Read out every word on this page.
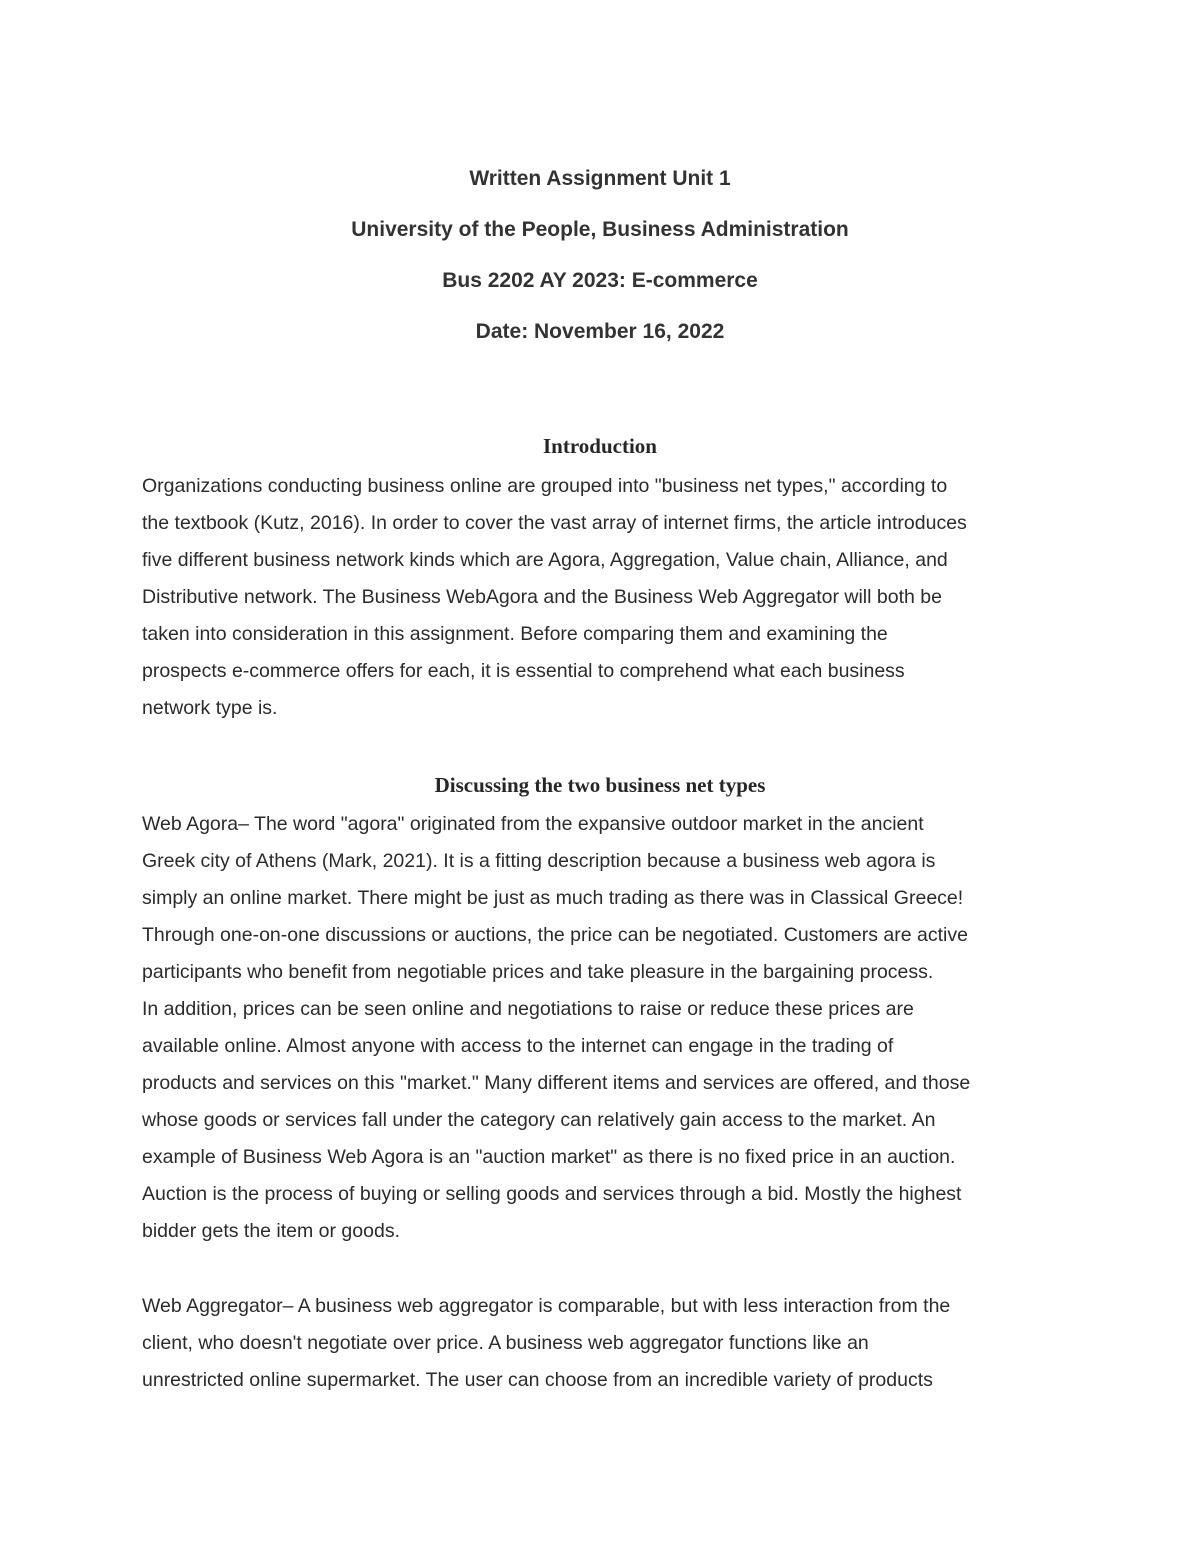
Written Assignment Unit 1
University of the People, Business Administration
Bus 2202 AY 2023: E-commerce
Date: November 16, 2022
Introduction
Organizations conducting business online are grouped into "business net types," according to
the textbook (Kutz, 2016). In order to cover the vast array of internet firms, the article introduces
five different business network kinds which are Agora, Aggregation, Value chain, Alliance, and
Distributive network. The Business WebAgora and the Business Web Aggregator will both be
taken into consideration in this assignment. Before comparing them and examining the
prospects e-commerce offers for each, it is essential to comprehend what each business
network type is.
Discussing the two business net types
Web Agora– The word "agora" originated from the expansive outdoor market in the ancient
Greek city of Athens (Mark, 2021). It is a fitting description because a business web agora is
simply an online market. There might be just as much trading as there was in Classical Greece!
Through one-on-one discussions or auctions, the price can be negotiated. Customers are active
participants who benefit from negotiable prices and take pleasure in the bargaining process.
In addition, prices can be seen online and negotiations to raise or reduce these prices are
available online. Almost anyone with access to the internet can engage in the trading of
products and services on this "market." Many different items and services are offered, and those
whose goods or services fall under the category can relatively gain access to the market. An
example of Business Web Agora is an "auction market" as there is no fixed price in an auction.
Auction is the process of buying or selling goods and services through a bid. Mostly the highest
bidder gets the item or goods.
Web Aggregator– A business web aggregator is comparable, but with less interaction from the
client, who doesn't negotiate over price. A business web aggregator functions like an
unrestricted online supermarket. The user can choose from an incredible variety of products
